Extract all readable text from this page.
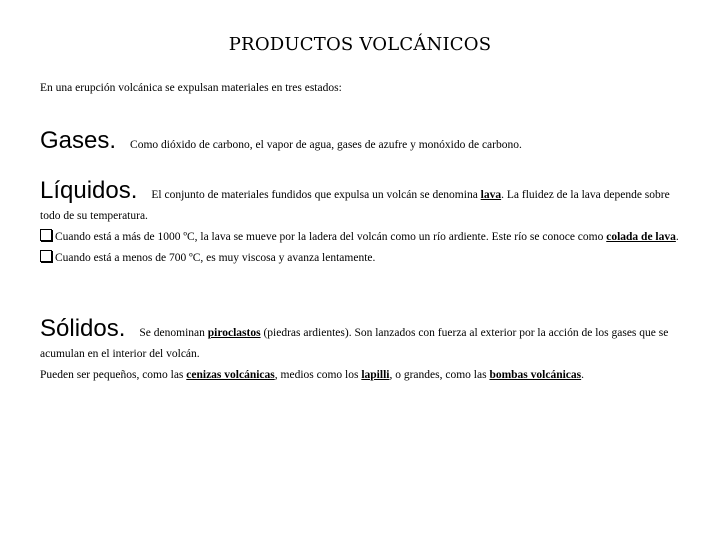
PRODUCTOS VOLCÁNICOS
En una erupción volcánica se expulsan materiales en tres estados:
Gases. Como dióxido de carbono, el vapor de agua, gases de azufre y monóxido de carbono.
Líquidos. El conjunto de materiales fundidos que expulsa un volcán se denomina lava. La fluidez de la lava depende sobre todo de su temperatura.
Cuando está a más de 1000 ºC, la lava se mueve por la ladera del volcán como un río ardiente. Este río se conoce como colada de lava.
Cuando está a menos de 700 ºC, es muy viscosa y avanza lentamente.
Sólidos. Se denominan piroclastos (piedras ardientes). Son lanzados con fuerza al exterior por la acción de los gases que se acumulan en el interior del volcán.
Pueden ser pequeños, como las cenizas volcánicas, medios como los lapilli, o grandes, como las bombas volcánicas.
